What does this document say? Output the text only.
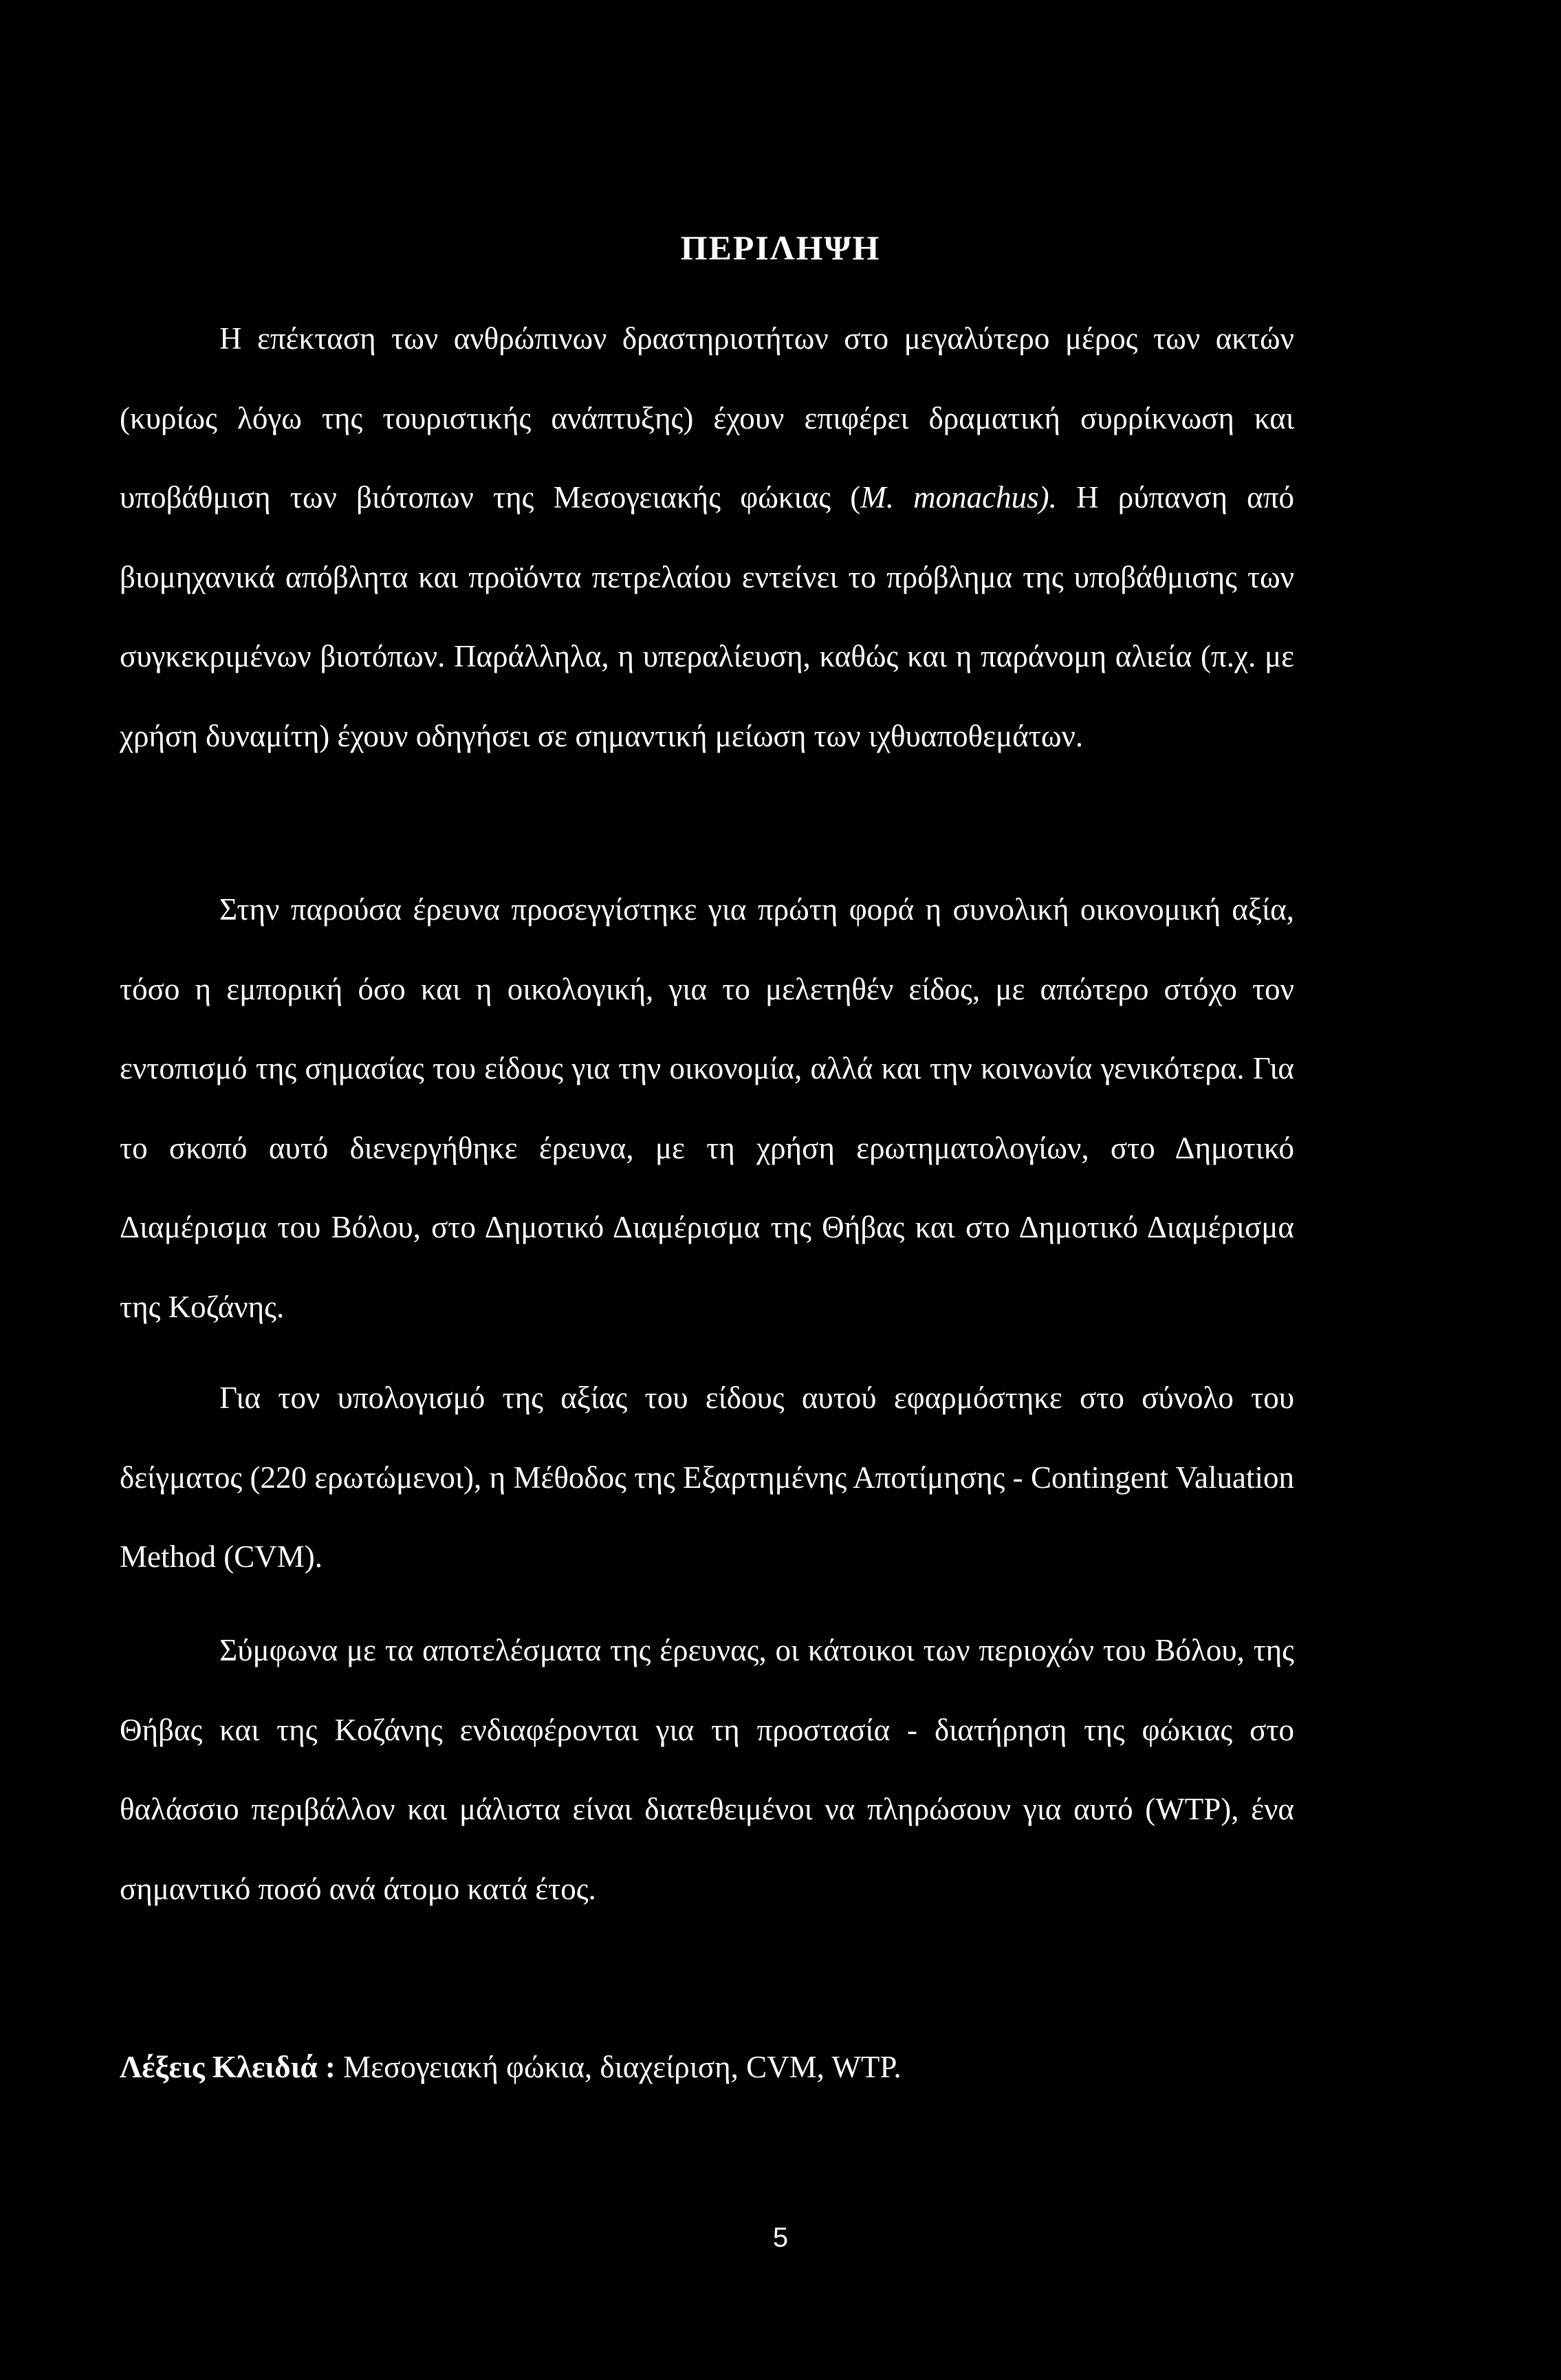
ΠΕΡΙΛΗΨΗ

Η επέκταση των ανθρώπινων δραστηριοτήτων στο μεγαλύτερο μέρος των ακτών (κυρίως λόγω της τουριστικής ανάπτυξης) έχουν επιφέρει δραματική συρρίκνωση και υποβάθμιση των βιότοπων της Μεσογειακής φώκιας (M. monachus). Η ρύπανση από βιομηχανικά απόβλητα και προϊόντα πετρελαίου εντείνει το πρόβλημα της υποβάθμισης των συγκεκριμένων βιοτόπων. Παράλληλα, η υπεραλίευση, καθώς και η παράνομη αλιεία (π.χ. με χρήση δυναμίτη) έχουν οδηγήσει σε σημαντική μείωση των ιχθυαποθεμάτων.

Στην παρούσα έρευνα προσεγγίστηκε για πρώτη φορά η συνολική οικονομική αξία, τόσο η εμπορική όσο και η οικολογική, για το μελετηθέν είδος, με απώτερο στόχο τον εντοπισμό της σημασίας του είδους για την οικονομία, αλλά και την κοινωνία γενικότερα. Για το σκοπό αυτό διενεργήθηκε έρευνα, με τη χρήση ερωτηματολογίων, στο Δημοτικό Διαμέρισμα του Βόλου, στο Δημοτικό Διαμέρισμα της Θήβας και στο Δημοτικό Διαμέρισμα της Κοζάνης.

Για τον υπολογισμό της αξίας του είδους αυτού εφαρμόστηκε στο σύνολο του δείγματος (220 ερωτώμενοι), η Μέθοδος της Εξαρτημένης Αποτίμησης - Contingent Valuation Method (CVM).

Σύμφωνα με τα αποτελέσματα της έρευνας, οι κάτοικοι των περιοχών του Βόλου, της Θήβας και της Κοζάνης ενδιαφέρονται για τη προστασία - διατήρηση της φώκιας στο θαλάσσιο περιβάλλον και μάλιστα είναι διατεθειμένοι να πληρώσουν για αυτό (WTP), ένα σημαντικό ποσό ανά άτομο κατά έτος.

Λέξεις Κλειδιά : Μεσογειακή φώκια, διαχείριση, CVM, WTP.
5
